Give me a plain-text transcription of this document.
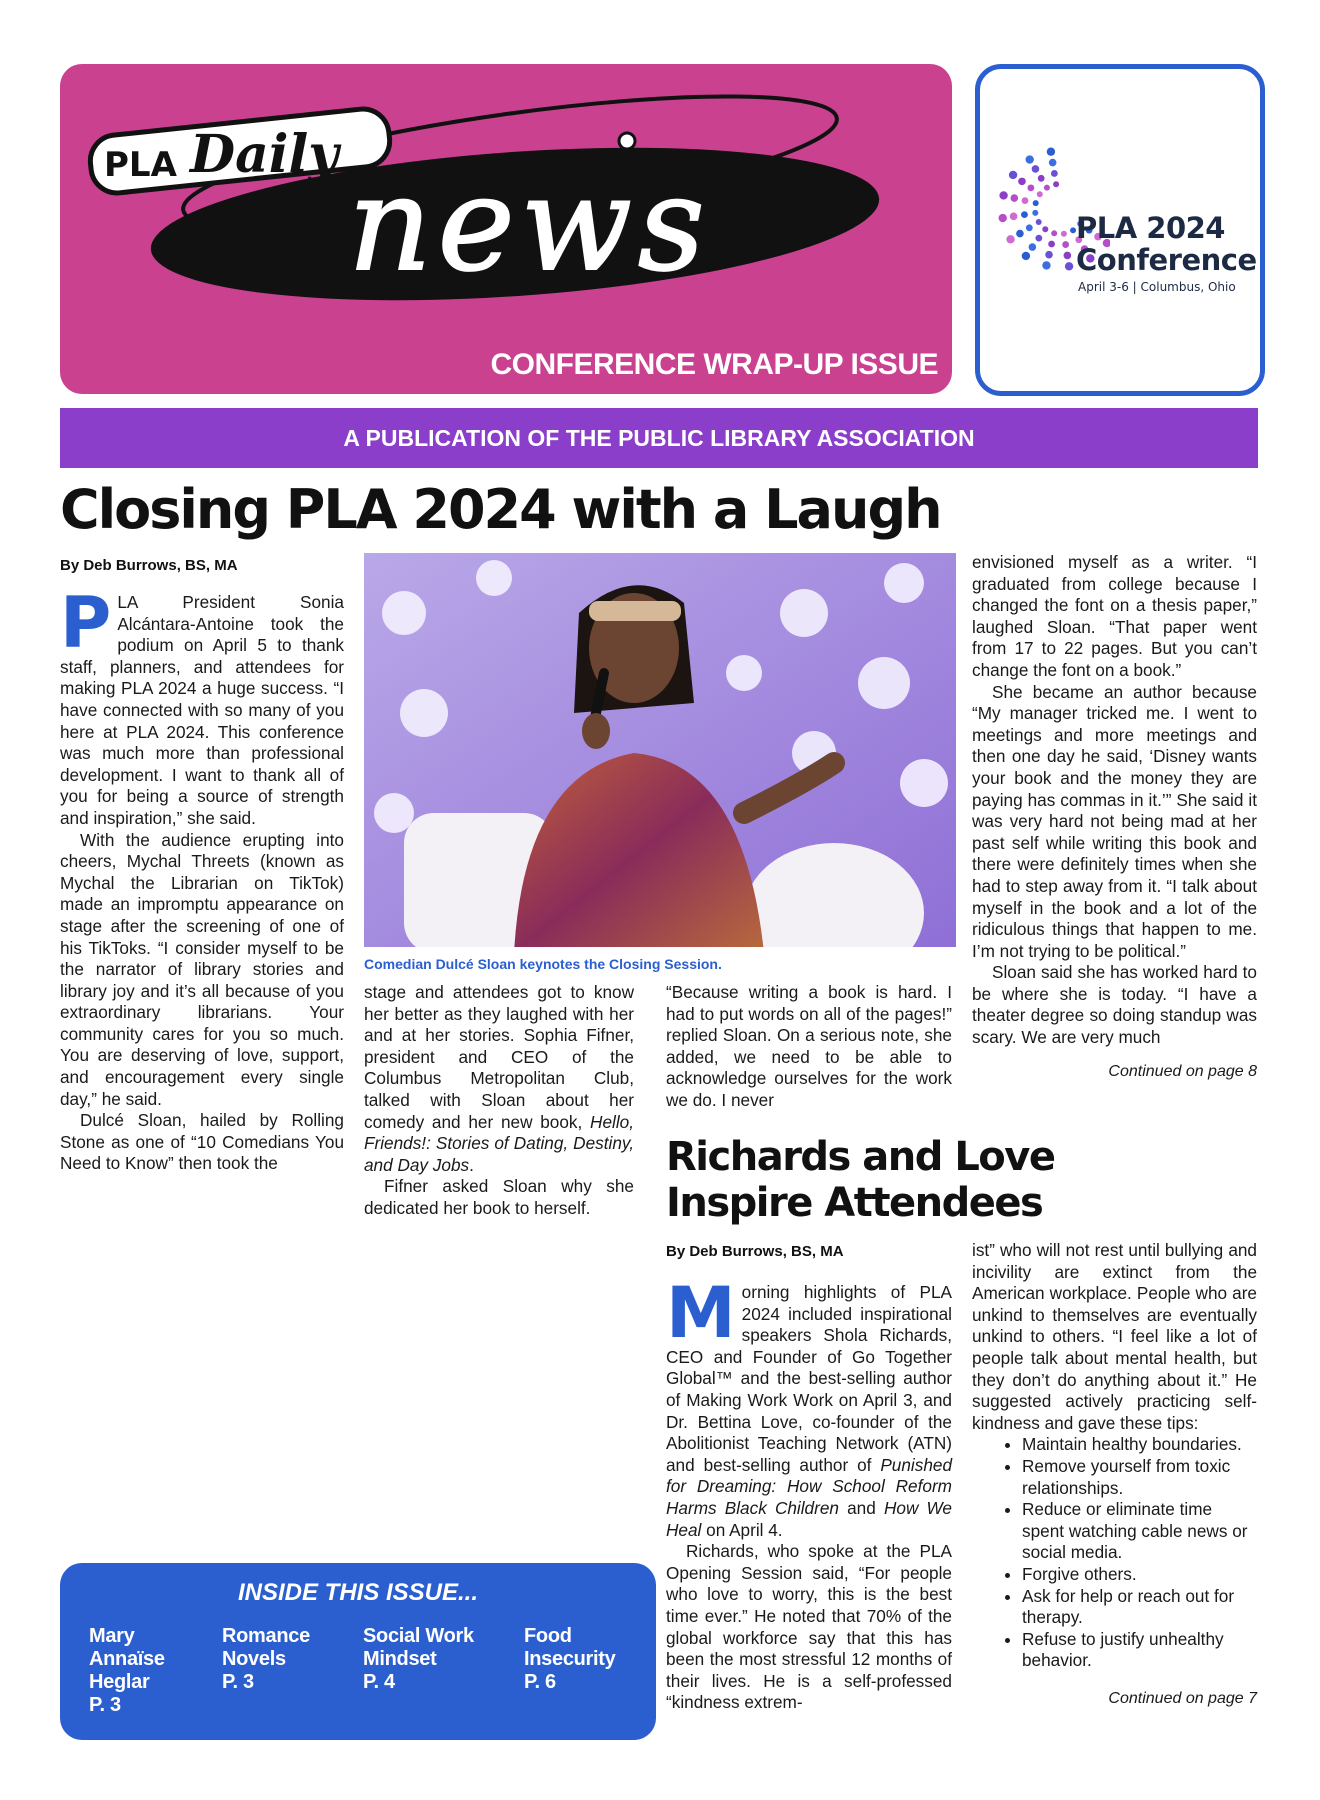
PLA Daily news
CONFERENCE WRAP-UP ISSUE
PLA 2024
Conference
April 3-6 | Columbus, Ohio
A PUBLICATION OF THE PUBLIC LIBRARY ASSOCIATION
Closing PLA 2024 with a Laugh
By Deb Burrows, BS, MA

PLA President Sonia Alcántara-Antoine took the podium on April 5 to thank staff, planners, and attendees for making PLA 2024 a huge success. “I have connected with so many of you here at PLA 2024. This conference was much more than professional development. I want to thank all of you for being a source of strength and inspiration,” she said.

With the audience erupting into cheers, Mychal Threets (known as Mychal the Librarian on TikTok) made an impromptu appearance on stage after the screening of one of his TikToks. “I consider myself to be the narrator of library stories and library joy and it’s all because of you extraordinary librarians. Your community cares for you so much. You are deserving of love, support, and encouragement every single day,” he said.

Dulcé Sloan, hailed by Rolling Stone as one of “10 Comedians You Need to Know” then took the

Comedian Dulcé Sloan keynotes the Closing Session.

stage and attendees got to know her better as they laughed with her and at her stories. Sophia Fifner, president and CEO of the Columbus Metropolitan Club, talked with Sloan about her comedy and her new book, Hello, Friends!: Stories of Dating, Destiny, and Day Jobs.

Fifner asked Sloan why she dedicated her book to herself.

“Because writing a book is hard. I had to put words on all of the pages!” replied Sloan. On a serious note, she added, we need to be able to acknowledge ourselves for the work we do. I never

envisioned myself as a writer. “I graduated from college because I changed the font on a thesis paper,” laughed Sloan. “That paper went from 17 to 22 pages. But you can’t change the font on a book.”

She became an author because “My manager tricked me. I went to meetings and more meetings and then one day he said, ‘Disney wants your book and the money they are paying has commas in it.’” She said it was very hard not being mad at her past self while writing this book and there were definitely times when she had to step away from it. “I talk about myself in the book and a lot of the ridiculous things that happen to me. I’m not trying to be political.”

Sloan said she has worked hard to be where she is today. “I have a theater degree so doing standup was scary. We are very much

Continued on page 8
Richards and Love
Inspire Attendees
By Deb Burrows, BS, MA

Morning highlights of PLA 2024 included inspirational speakers Shola Richards, CEO and Founder of Go Together Global™ and the best-selling author of Making Work Work on April 3, and Dr. Bettina Love, co-founder of the Abolitionist Teaching Network (ATN) and best-selling author of Punished for Dreaming: How School Reform Harms Black Children and How We Heal on April 4.

Richards, who spoke at the PLA Opening Session said, “For people who love to worry, this is the best time ever.” He noted that 70% of the global workforce say that this has been the most stressful 12 months of their lives. He is a self-professed “kindness extrem-

ist” who will not rest until bullying and incivility are extinct from the American workplace. People who are unkind to themselves are eventually unkind to others. “I feel like a lot of people talk about mental health, but they don’t do anything about it.” He suggested actively practicing self-kindness and gave these tips:

• Maintain healthy boundaries.
• Remove yourself from toxic relationships.
• Reduce or eliminate time spent watching cable news or social media.
• Forgive others.
• Ask for help or reach out for therapy.
• Refuse to justify unhealthy behavior.
Continued on page 7
INSIDE THIS ISSUE...
Mary
Annaïse
Heglar
P. 3
Romance
Novels
P. 3
Social Work
Mindset
P. 4
Food
Insecurity
P. 6
